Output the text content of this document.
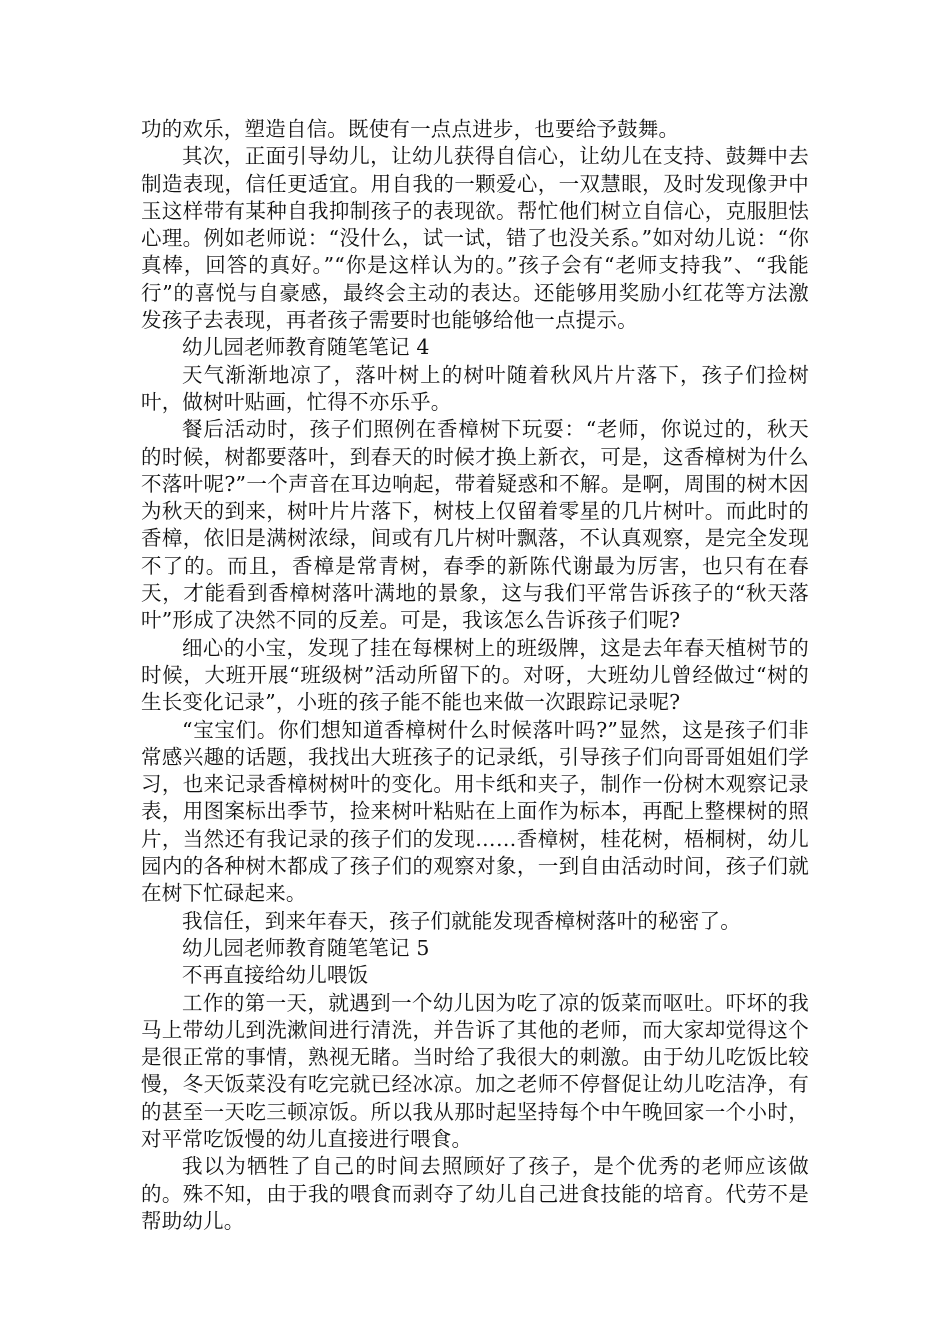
功的欢乐，塑造自信。既使有一点点进步，也要给予鼓舞。

其次，正面引导幼儿，让幼儿获得自信心，让幼儿在支持、鼓舞中去制造表现，信任更适宜。用自我的一颗爱心，一双慧眼，及时发现像尹中玉这样带有某种自我抑制孩子的表现欲。帮忙他们树立自信心，克服胆怯心理。例如老师说：“没什么，试一试，错了也没关系。”如对幼儿说：“你真棒，回答的真好。”“你是这样认为的。”孩子会有“老师支持我”、“我能行”的喜悦与自豪感，最终会主动的表达。还能够用奖励小红花等方法激发孩子去表现，再者孩子需要时也能够给他一点提示。

幼儿园老师教育随笔笔记 4

天气渐渐地凉了，落叶树上的树叶随着秋风片片落下，孩子们捡树叶，做树叶贴画，忙得不亦乐乎。

餐后活动时，孩子们照例在香樟树下玩耍：“老师，你说过的，秋天的时候，树都要落叶，到春天的时候才换上新衣，可是，这香樟树为什么不落叶呢?”一个声音在耳边响起，带着疑惑和不解。是啊，周围的树木因为秋天的到来，树叶片片落下，树枝上仅留着零星的几片树叶。而此时的香樟，依旧是满树浓绿，间或有几片树叶飘落，不认真观察，是完全发现不了的。而且，香樟是常青树，春季的新陈代谢最为厉害，也只有在春天，才能看到香樟树落叶满地的景象，这与我们平常告诉孩子的“秋天落叶”形成了决然不同的反差。可是，我该怎么告诉孩子们呢?

细心的小宝，发现了挂在每棵树上的班级牌，这是去年春天植树节的时候，大班开展“班级树”活动所留下的。对呀，大班幼儿曾经做过“树的生长变化记录”，小班的孩子能不能也来做一次跟踪记录呢?

“宝宝们。你们想知道香樟树什么时候落叶吗?”显然，这是孩子们非常感兴趣的话题，我找出大班孩子的记录纸，引导孩子们向哥哥姐姐们学习，也来记录香樟树树叶的变化。用卡纸和夹子，制作一份树木观察记录表，用图案标出季节，捡来树叶粘贴在上面作为标本，再配上整棵树的照片，当然还有我记录的孩子们的发现……香樟树，桂花树，梧桐树，幼儿园内的各种树木都成了孩子们的观察对象，一到自由活动时间，孩子们就在树下忙碌起来。

我信任，到来年春天，孩子们就能发现香樟树落叶的秘密了。

幼儿园老师教育随笔笔记 5

不再直接给幼儿喂饭

工作的第一天，就遇到一个幼儿因为吃了凉的饭菜而呕吐。吓坏的我马上带幼儿到洗漱间进行清洗，并告诉了其他的老师，而大家却觉得这个是很正常的事情，熟视无睹。当时给了我很大的刺激。由于幼儿吃饭比较慢，冬天饭菜没有吃完就已经冰凉。加之老师不停督促让幼儿吃洁净，有的甚至一天吃三顿凉饭。所以我从那时起坚持每个中午晚回家一个小时，对平常吃饭慢的幼儿直接进行喂食。

我以为牺牲了自己的时间去照顾好了孩子，是个优秀的老师应该做的。殊不知，由于我的喂食而剥夺了幼儿自己进食技能的培育。代劳不是帮助幼儿。
